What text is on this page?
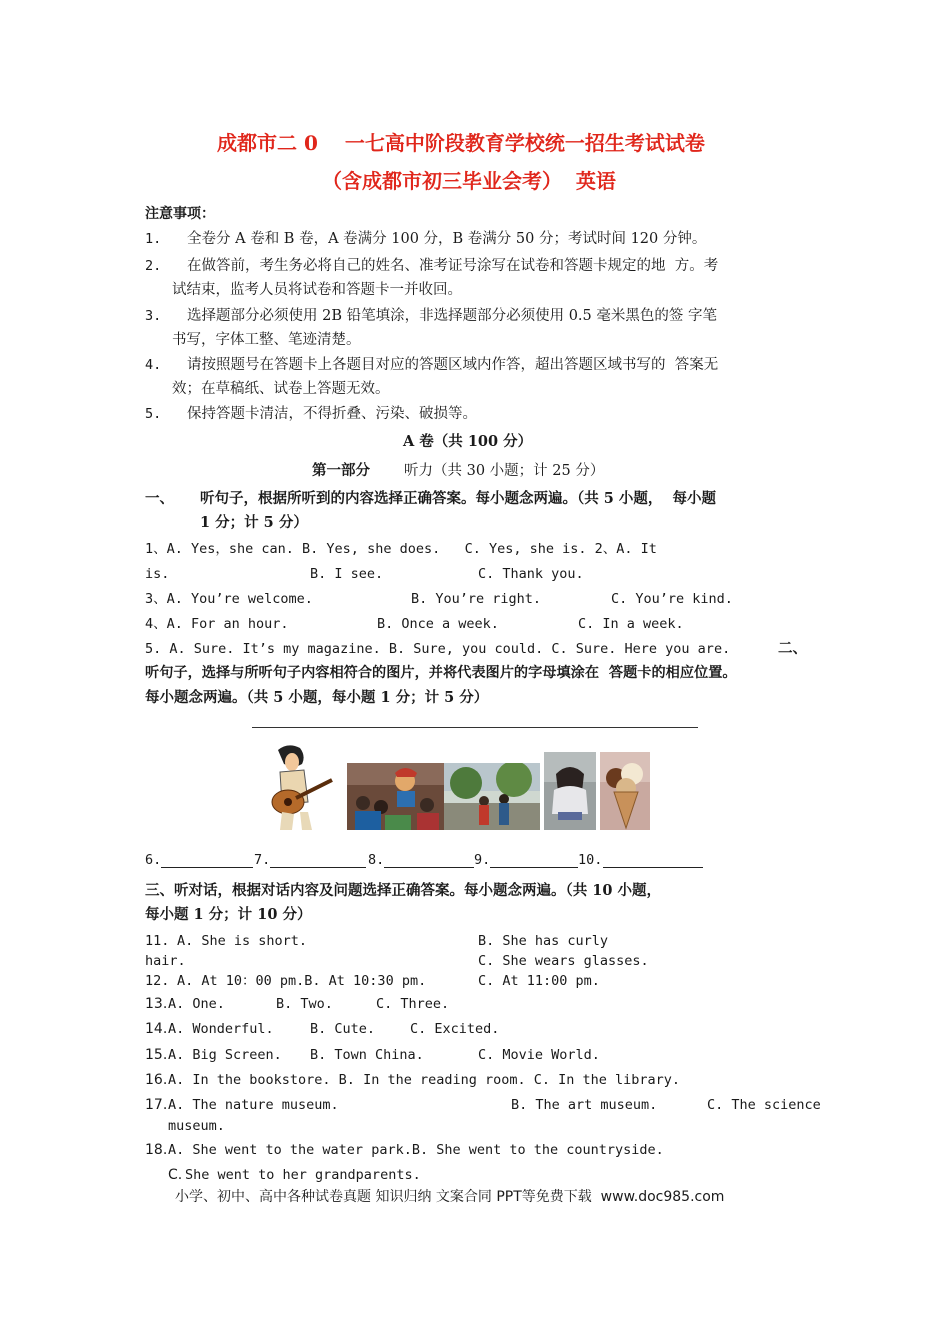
成都市二 0　 一七高中阶段教育学校统一招生考试试卷
（含成都市初三毕业会考）  英语
注意事项：
1. 全卷分 A 卷和 B 卷，A 卷满分 100 分，B 卷满分 50 分；考试时间 120 分钟。
2. 在做答前，考生务必将自己的姓名、准考证号涂写在试卷和答题卡规定的地  方。考
试结束，监考人员将试卷和答题卡一并收回。
3. 选择题部分必须使用 2B 铅笔填涂，非选择题部分必须使用 0.5 毫米黑色的签 字笔
书写，字体工整、笔迹清楚。
4. 请按照题号在答题卡上各题目对应的答题区域内作答，超出答题区域书写的  答案无
效；在草稿纸、试卷上答题无效。
5. 保持答题卡清洁，不得折叠、污染、破损等。
A 卷（共 100 分）
第一部分 听力（共 30 小题；计 25 分）
一、 听句子，根据所听到的内容选择正确答案。每小题念两遍。（共 5 小题，  每小题
1 分；计 5 分）
1、A. Yes，she can. B. Yes, she does.   C. Yes, she is. 2、A. It
is.	B. I see.	C. Thank you.
3、A. You’re welcome.	B. You’re right.	C. You’re kind.
4、A. For an hour.	B. Once a week.	C. In a week.
5. A. Sure. It’s my magazine. B. Sure, you could. C. Sure. Here you are.	二、
听句子，选择与所听句子内容相符合的图片，并将代表图片的字母填涂在  答题卡的相应位置。
每小题念两遍。（共 5 小题，每小题 1 分；计 5 分）
6.	7.	8.	9.	10.
三、听对话，根据对话内容及问题选择正确答案。每小题念两遍。（共 10 小题，
每小题 1 分；计 10 分）
11. A. She is short.	B. She has curly
hair.	C. She wears glasses.
12. A. At 10：00 pm.B. At 10:30 pm.	C. At 11:00 pm.
13. A. One.	B. Two.	C. Three.
14. A. Wonderful.	B. Cute.	C. Excited.
15. A. Big Screen. B. Town China.	C. Movie World.
16. A. In the bookstore. B. In the reading room. C. In the library.
17. A. The nature museum.	B. The art museum.	C. The science
museum.
18. A. She went to the water park.B. She went to the countryside.
C. She went to her grandparents.
小学、初中、高中各种试卷真题 知识归纳 文案合同 PPT等免费下载  www.doc985.com
